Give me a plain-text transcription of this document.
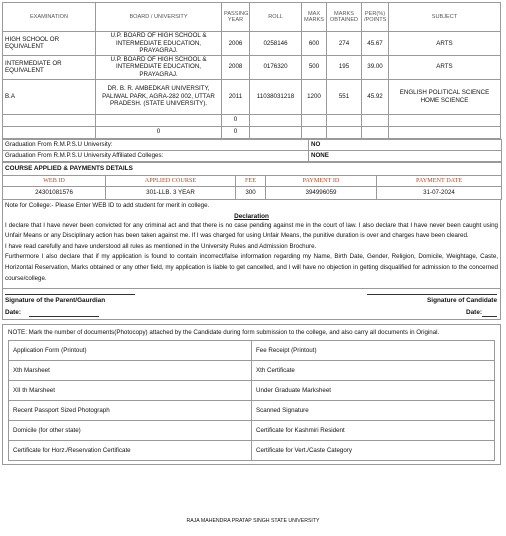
EXAMINATION	BOARD / UNIVERSITY	PASSING YEAR	ROLL	MAX MARKS	MARKS OBTAINED	PER(%) /POINTS	SUBJECT
HIGH SCHOOL OR EQUIVALENT	U.P. BOARD OF HIGH SCHOOL & INTERMEDIATE EDUCATION, PRAYAGRAJ.	2006	0258146	600	274	45.67	ARTS
INTERMEDIATE OR EQUIVALENT	U.P. BOARD OF HIGH SCHOOL & INTERMEDIATE EDUCATION, PRAYAGRAJ.	2008	0176320	500	195	39.00	ARTS
B.A	DR. B. R. AMBEDKAR UNIVERSITY, PALIWAL PARK, AGRA-282 002, UTTAR PRADESH. (STATE UNIVERSITY).	2011	11038031218	1200	551	45.92	ENGLISH POLITICAL SCIENCE HOME SCIENCE
		0					
	0	0					
Graduation From R.M.P.S.U University:	NO
Graduation From R.M.P.S.U University Affiliated Colleges:	NONE
COURSE APPLIED & PAYMENTS DETAILS				
WEB ID	APPLIED COURSE	FEE	PAYMENT ID	PAYMENT DATE
24301081576	301-LLB. 3 YEAR	300	394996059	31-07-2024
Note for College:- Please Enter WEB ID to add student for merit in college.
Declaration

I declare that I have never been convicted for any criminal act and that there is no case pending against me in the court of law. I also declare that I have never been caught using Unfair Means or any Disciplinary action has been taken against me. If I was charged for using Unfair Means, the punitive duration is over and charges have been cleared.

I have read carefully and have understood all rules as mentioned in the University Rules and Admission Brochure.

Furthermore I also declare that if my application is found to contain incorrect/false information regarding my Name, Birth Date, Gender, Religion, Domicile, Weightage, Caste, Horizontal Reservation, Marks obtained or any other field, my application is liable to get cancelled, and I will have no objection in getting disqualified for admission to the concerned course/college.

Signature of the Parent/Gaurdian
Date:
Signature of Candidate
Date:
NOTE: Mark the number of documents(Photocopy) attached by the Candidate during form submission to the college, and also carry all documents in Original.
Application Form (Printout)	Fee Receipt (Printout)
Xth Marsheet	Xth Certificate
XII th Marsheet	Under Graduate Marksheet
Recent Passport Sized Photograph	Scanned Signature
Domicile (for other state)	Certificate for Kashmiri Resident
Certificate for Horz./Reservation Certificate	Certificate for Vert./Caste Category
RAJA MAHENDRA PRATAP SINGH STATE UNIVERSITY
